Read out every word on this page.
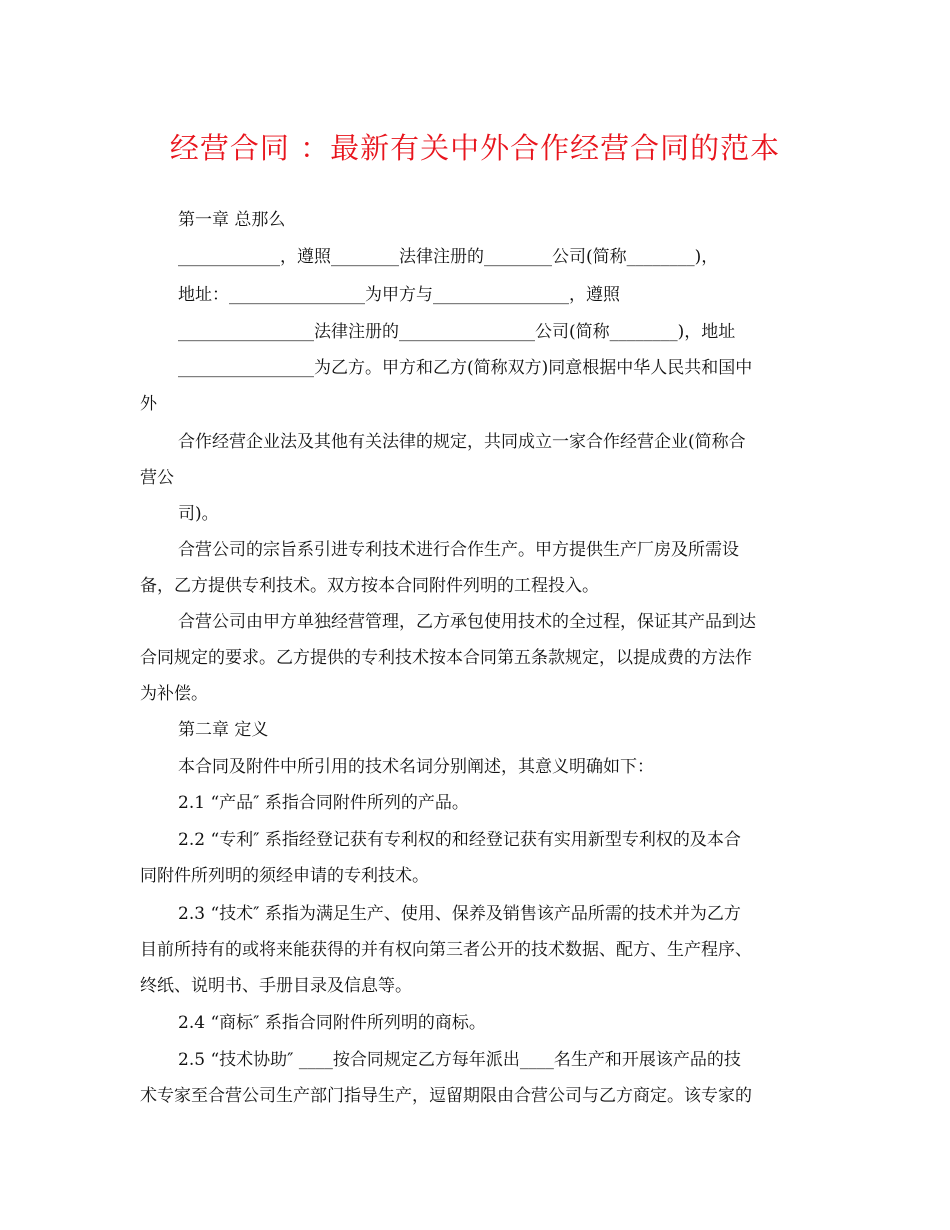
经营合同 ：最新有关中外合作经营合同的范本
第一章 总那么
____________，遵照________法律注册的________公司(简称________)，
地址：________________为甲方与________________，遵照
________________法律注册的________________公司(简称________)，地址
________________为乙方。甲方和乙方(简称双方)同意根据中华人民共和国中
外
合作经营企业法及其他有关法律的规定，共同成立一家合作经营企业(简称合
营公
司)。
合营公司的宗旨系引进专利技术进行合作生产。甲方提供生产厂房及所需设
备，乙方提供专利技术。双方按本合同附件列明的工程投入。
合营公司由甲方单独经营管理，乙方承包使用技术的全过程，保证其产品到达
合同规定的要求。乙方提供的专利技术按本合同第五条款规定，以提成费的方法作
为补偿。
第二章 定义
本合同及附件中所引用的技术名词分别阐述，其意义明确如下：
2.1 “产品″ 系指合同附件所列的产品。
2.2 “专利″ 系指经登记获有专利权的和经登记获有实用新型专利权的及本合
同附件所列明的须经申请的专利技术。
2.3 “技术″ 系指为满足生产、使用、保养及销售该产品所需的技术并为乙方
目前所持有的或将来能获得的并有权向第三者公开的技术数据、配方、生产程序、
终纸、说明书、手册目录及信息等。
2.4 “商标″ 系指合同附件所列明的商标。
2.5 “技术协助″ ____按合同规定乙方每年派出____名生产和开展该产品的技
术专家至合营公司生产部门指导生产，逗留期限由合营公司与乙方商定。该专家的
